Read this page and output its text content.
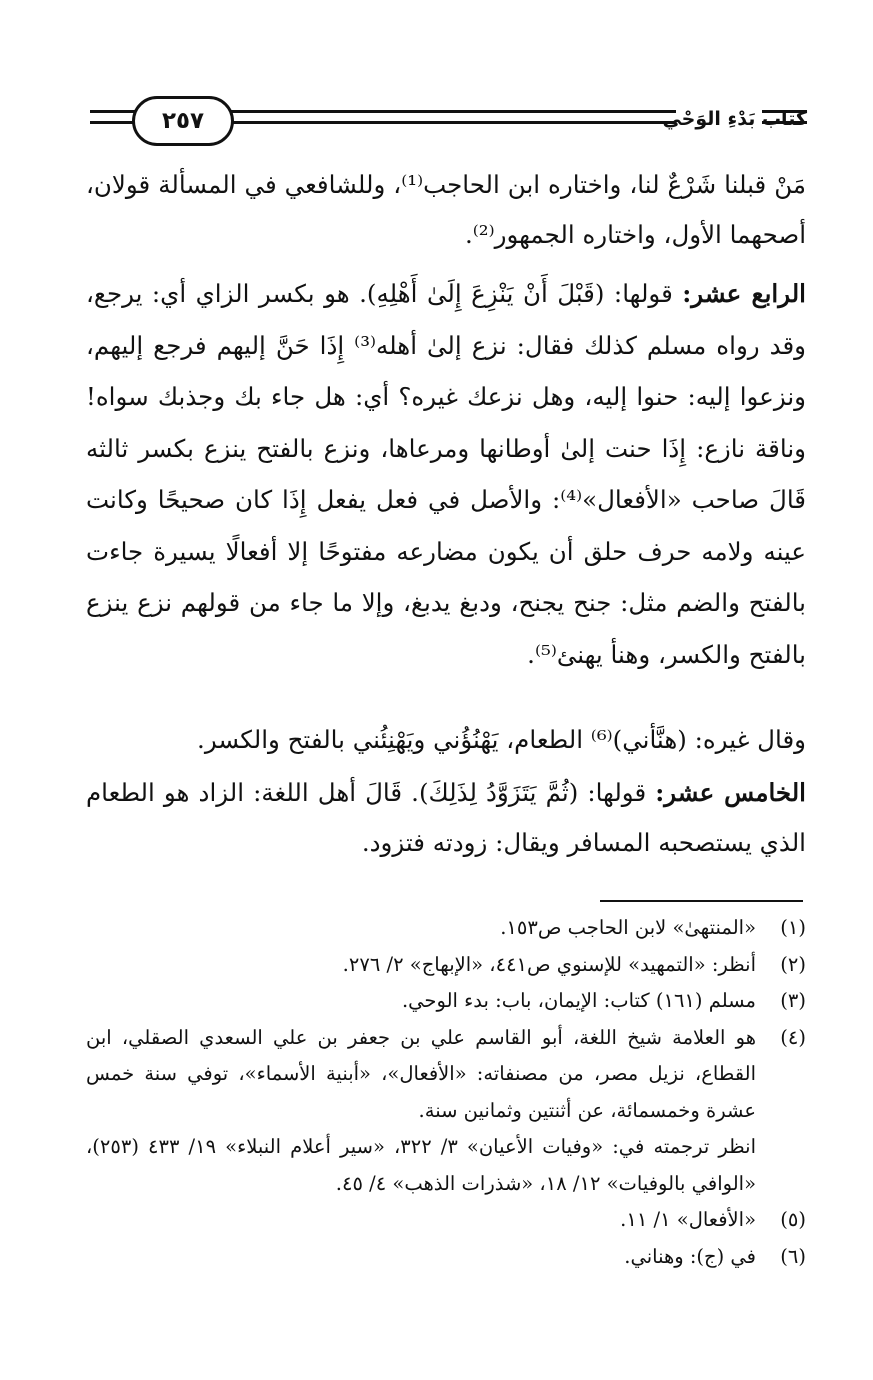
٢٥٧	كتاب بَدْءِ الوَحْي
مَنْ قبلنا شَرْعٌ لنا، واختاره ابن الحاجب⁽¹⁾، وللشافعي في المسألة قولان، أصحهما الأول، واختاره الجمهور⁽²⁾.
الرابع عشر: قولها: (قَبْلَ أَنْ يَنْزِعَ إِلَىٰ أَهْلِهِ). هو بكسر الزاي أي: يرجع، وقد رواه مسلم كذلك فقال: نزع إلىٰ أهله⁽³⁾ إِذَا حَنَّ إليهم فرجع إليهم، ونزعوا إليه: حنوا إليه، وهل نزعك غيره؟ أي: هل جاء بك وجذبك سواه! وناقة نازع: إِذَا حنت إلىٰ أوطانها ومرعاها، ونزع بالفتح ينزع بكسر ثالثه قَالَ صاحب «الأفعال»⁽⁴⁾: والأصل في فعل يفعل إِذَا كان صحيحًا وكانت عينه ولامه حرف حلق أن يكون مضارعه مفتوحًا إلا أفعالًا يسيرة جاءت بالفتح والضم مثل: جنح يجنح، ودبغ يدبغ، وإلا ما جاء من قولهم نزع ينزع بالفتح والكسر، وهنأ يهنئ⁽⁵⁾.
وقال غيره: (هنَّأني)⁽⁶⁾ الطعام، يَهْنُؤُني ويَهْنِئُني بالفتح والكسر.
الخامس عشر: قولها: (ثُمَّ يَتَزَوَّدُ لِذَلِكَ). قَالَ أهل اللغة: الزاد هو الطعام الذي يستصحبه المسافر ويقال: زودته فتزود.
(١)
«المنتهىٰ» لابن الحاجب ص١٥٣.
(٢)
أنظر: «التمهيد» للإسنوي ص٤٤١، «الإبهاج» ٢/ ٢٧٦.
(٣)
مسلم (١٦١) كتاب: الإيمان، باب: بدء الوحي.
(٤)
هو العلامة شيخ اللغة، أبو القاسم علي بن جعفر بن علي السعدي الصقلي، ابن القطاع، نزيل مصر، من مصنفاته: «الأفعال»، «أبنية الأسماء»، توفي سنة خمس عشرة وخمسمائة، عن أثنتين وثمانين سنة.
انظر ترجمته في: «وفيات الأعيان» ٣/ ٣٢٢، «سير أعلام النبلاء» ١٩/ ٤٣٣ (٢٥٣)، «الوافي بالوفيات» ١٢/ ١٨، «شذرات الذهب» ٤/ ٤٥.
(٥)
«الأفعال» ١/ ١١.
(٦)
في (ج): وهناني.
